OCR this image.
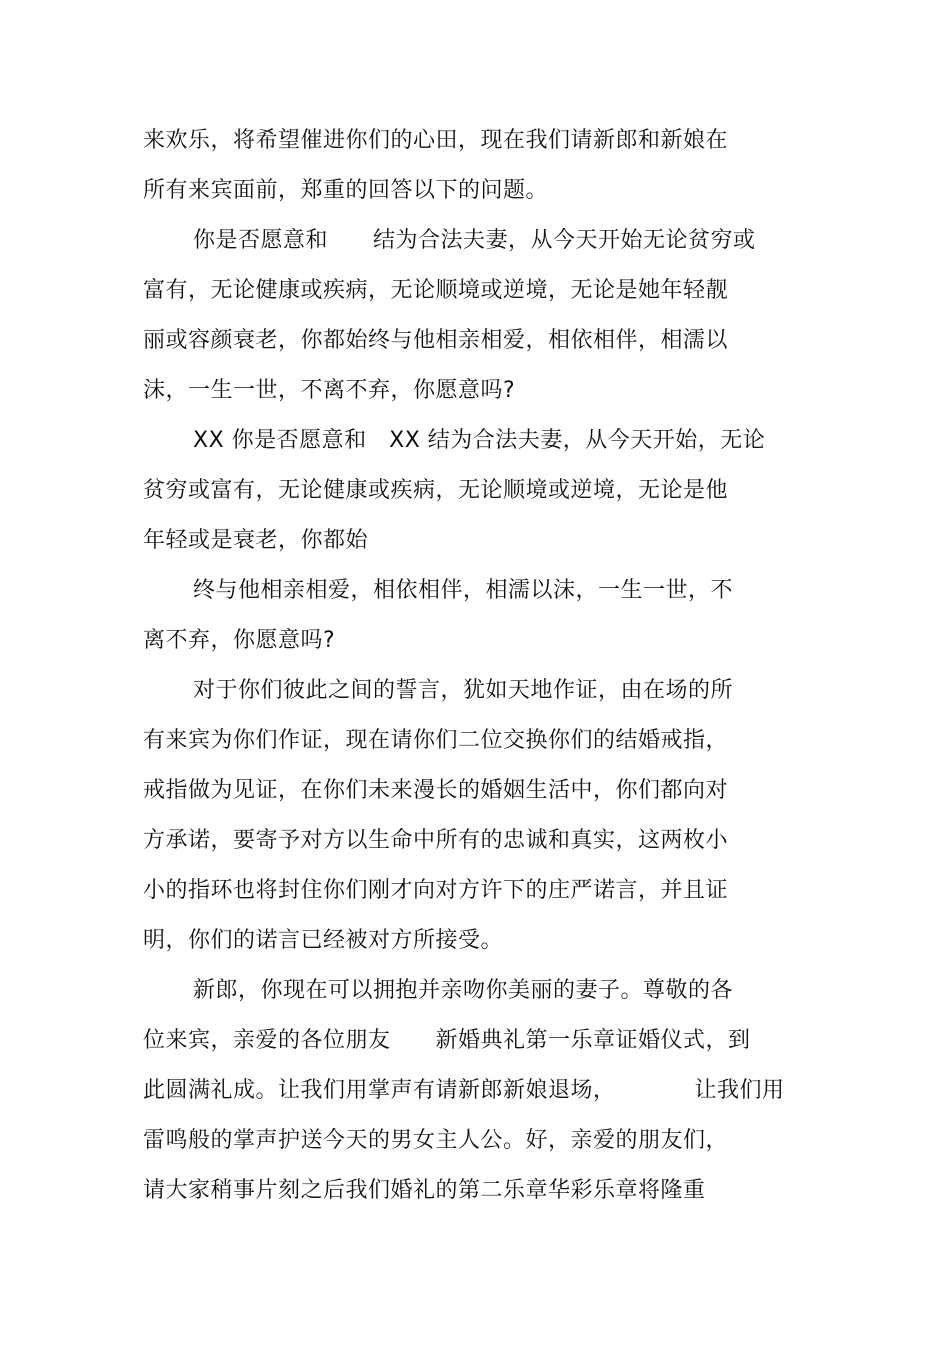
来欢乐，将希望催进你们的心田，现在我们请新郎和新娘在
所有来宾面前，郑重的回答以下的问题。
你是否愿意和　　结为合法夫妻，从今天开始无论贫穷或
富有，无论健康或疾病，无论顺境或逆境，无论是她年轻靓
丽或容颜衰老，你都始终与他相亲相爱，相依相伴，相濡以
沫，一生一世，不离不弃，你愿意吗?
XX 你是否愿意和　XX 结为合法夫妻，从今天开始，无论
贫穷或富有，无论健康或疾病，无论顺境或逆境，无论是他
年轻或是衰老，你都始
终与他相亲相爱，相依相伴，相濡以沫，一生一世，不
离不弃，你愿意吗?
对于你们彼此之间的誓言，犹如天地作证，由在场的所
有来宾为你们作证，现在请你们二位交换你们的结婚戒指，
戒指做为见证，在你们未来漫长的婚姻生活中，你们都向对
方承诺，要寄予对方以生命中所有的忠诚和真实，这两枚小
小的指环也将封住你们刚才向对方许下的庄严诺言，并且证
明，你们的诺言已经被对方所接受。
新郎，你现在可以拥抱并亲吻你美丽的妻子。尊敬的各
位来宾，亲爱的各位朋友　　新婚典礼第一乐章证婚仪式，到
此圆满礼成。让我们用掌声有请新郎新娘退场，　　　　让我们用
雷鸣般的掌声护送今天的男女主人公。好，亲爱的朋友们，
请大家稍事片刻之后我们婚礼的第二乐章华彩乐章将隆重
